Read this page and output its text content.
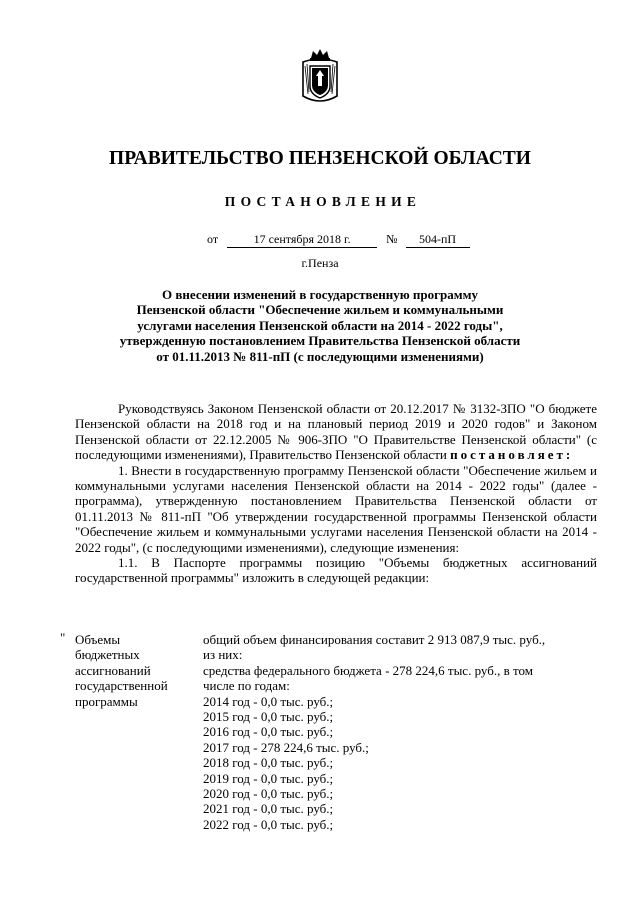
ПРАВИТЕЛЬСТВО ПЕНЗЕНСКОЙ ОБЛАСТИ
ПОСТАНОВЛЕНИЕ
от	17 сентября 2018 г.	№ 504-пП
г.Пенза
О внесении изменений в государственную программу
Пензенской области "Обеспечение жильем и коммунальными
услугами населения Пензенской области на 2014 - 2022 годы",
утвержденную постановлением Правительства Пензенской области
от 01.11.2013 № 811-пП (с последующими изменениями)

Руководствуясь Законом Пензенской области от 20.12.2017 № 3132-ЗПО "О бюджете Пензенской области на 2018 год и на плановый период 2019 и 2020 годов" и Законом Пензенской области от 22.12.2005 № 906-ЗПО "О Правительстве Пензенской области" (с последующими изменениями), Правительство Пензенской области постановляет:

1. Внести в государственную программу Пензенской области "Обеспечение жильем и коммунальными услугами населения Пензенской области на 2014 - 2022 годы" (далее - программа), утвержденную постановлением Правительства Пензенской области от 01.11.2013 № 811-пП "Об утверждении государственной программы Пензенской области "Обеспечение жильем и коммунальными услугами населения Пензенской области на 2014 - 2022 годы", (с последующими изменениями), следующие изменения:

1.1. В Паспорте программы позицию "Объемы бюджетных ассигнований государственной программы" изложить в следующей редакции:

" Объемы
бюджетных
ассигнований
государственной
программы
общий объем финансирования составит 2 913 087,9 тыс. руб.,
из них:
средства федерального бюджета - 278 224,6 тыс. руб., в том
числе по годам:
2014 год - 0,0 тыс. руб.;
2015 год - 0,0 тыс. руб.;
2016 год - 0,0 тыс. руб.;
2017 год - 278 224,6 тыс. руб.;
2018 год - 0,0 тыс. руб.;
2019 год - 0,0 тыс. руб.;
2020 год - 0,0 тыс. руб.;
2021 год - 0,0 тыс. руб.;
2022 год - 0,0 тыс. руб.;
